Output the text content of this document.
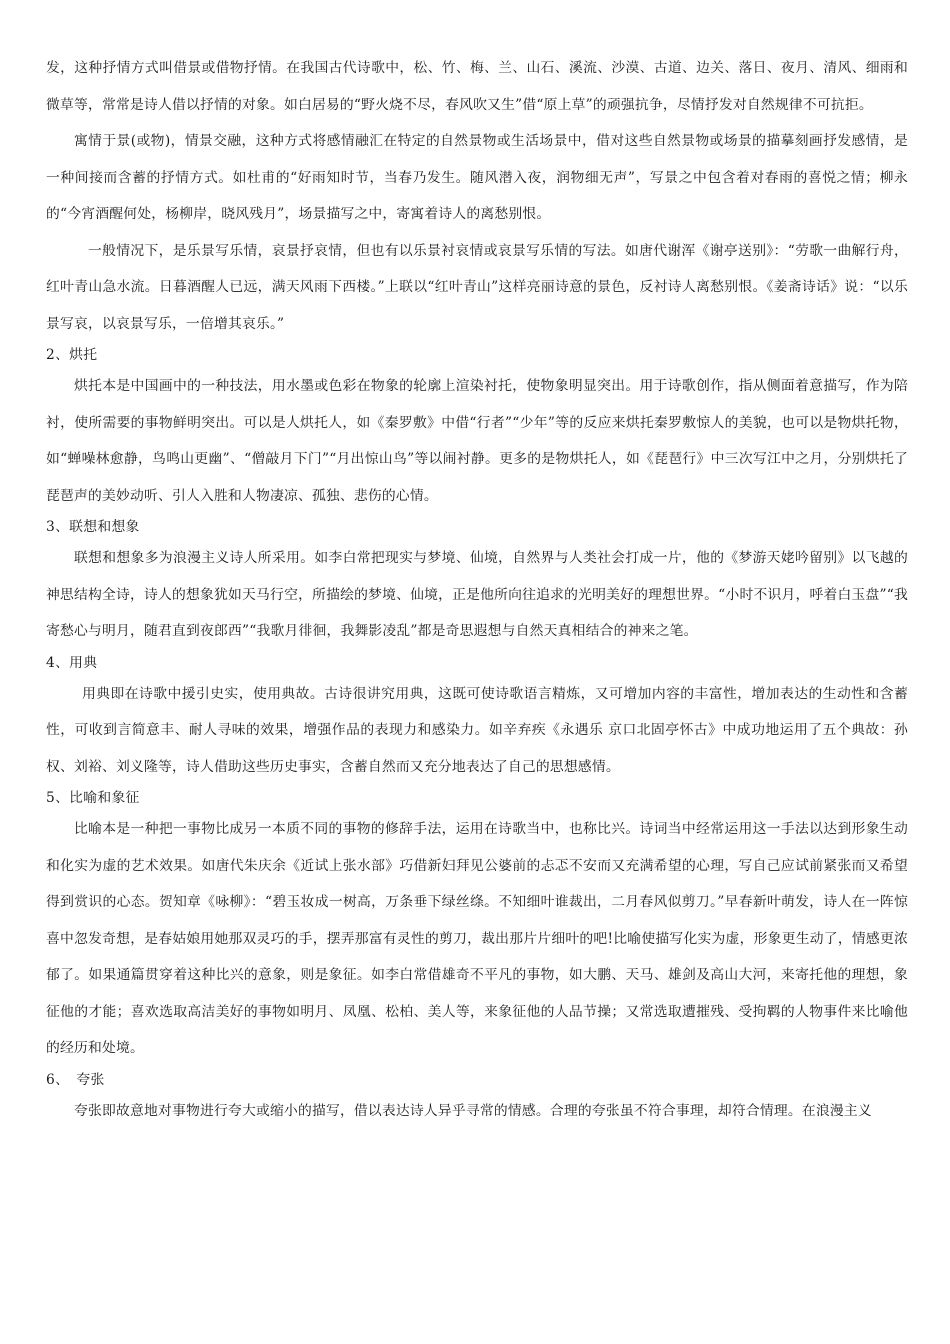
发，这种抒情方式叫借景或借物抒情。在我国古代诗歌中，松、竹、梅、兰、山石、溪流、沙漠、古道、边关、落日、夜月、清风、细雨和微草等，常常是诗人借以抒情的对象。如白居易的“野火烧不尽，春风吹又生”借“原上草”的顽强抗争，尽情抒发对自然规律不可抗拒。

寓情于景(或物)，情景交融，这种方式将感情融汇在特定的自然景物或生活场景中，借对这些自然景物或场景的描摹刻画抒发感情，是一种间接而含蓄的抒情方式。如杜甫的“好雨知时节，当春乃发生。随风潜入夜，润物细无声”，写景之中包含着对春雨的喜悦之情；柳永的“今宵酒醒何处，杨柳岸，晓风残月”，场景描写之中，寄寓着诗人的离愁别恨。

一般情况下，是乐景写乐情，哀景抒哀情，但也有以乐景衬哀情或哀景写乐情的写法。如唐代谢浑《谢亭送别》：“劳歌一曲解行舟，红叶青山急水流。日暮酒醒人已远，满天风雨下西楼。”上联以“红叶青山”这样亮丽诗意的景色，反衬诗人离愁别恨。《姜斋诗话》说：“以乐景写哀，以哀景写乐，一倍增其哀乐。”

2、烘托

烘托本是中国画中的一种技法，用水墨或色彩在物象的轮廓上渲染衬托，使物象明显突出。用于诗歌创作，指从侧面着意描写，作为陪衬，使所需要的事物鲜明突出。可以是人烘托人，如《秦罗敷》中借“行者”“少年”等的反应来烘托秦罗敷惊人的美貌，也可以是物烘托物，如“蝉噪林愈静，鸟鸣山更幽”、“僧敲月下门”“月出惊山鸟”等以闹衬静。更多的是物烘托人，如《琵琶行》中三次写江中之月，分别烘托了琵琶声的美妙动听、引人入胜和人物凄凉、孤独、悲伤的心情。

3、联想和想象

联想和想象多为浪漫主义诗人所采用。如李白常把现实与梦境、仙境，自然界与人类社会打成一片，他的《梦游天姥吟留别》以飞越的神思结构全诗，诗人的想象犹如天马行空，所描绘的梦境、仙境，正是他所向往追求的光明美好的理想世界。“小时不识月，呼着白玉盘”“我寄愁心与明月，随君直到夜郎西”“我歌月徘徊，我舞影凌乱”都是奇思遐想与自然天真相结合的神来之笔。

4、用典

用典即在诗歌中援引史实，使用典故。古诗很讲究用典，这既可使诗歌语言精炼，又可增加内容的丰富性，增加表达的生动性和含蓄性，可收到言简意丰、耐人寻味的效果，增强作品的表现力和感染力。如辛弃疾《永遇乐 京口北固亭怀古》中成功地运用了五个典故：孙权、刘裕、刘义隆等，诗人借助这些历史事实，含蓄自然而又充分地表达了自己的思想感情。

5、比喻和象征

比喻本是一种把一事物比成另一本质不同的事物的修辞手法，运用在诗歌当中，也称比兴。诗词当中经常运用这一手法以达到形象生动和化实为虚的艺术效果。如唐代朱庆余《近试上张水部》巧借新妇拜见公婆前的忐忑不安而又充满希望的心理，写自己应试前紧张而又希望得到赏识的心态。贺知章《咏柳》：“碧玉妆成一树高，万条垂下绿丝绦。不知细叶谁裁出，二月春风似剪刀。”早春新叶萌发，诗人在一阵惊喜中忽发奇想，是春姑娘用她那双灵巧的手，摆弄那富有灵性的剪刀，裁出那片片细叶的吧!比喻使描写化实为虚，形象更生动了，情感更浓郁了。如果通篇贯穿着这种比兴的意象，则是象征。如李白常借雄奇不平凡的事物，如大鹏、天马、雄剑及高山大河，来寄托他的理想，象征他的才能；喜欢选取高洁美好的事物如明月、凤凰、松柏、美人等，来象征他的人品节操；又常选取遭摧残、受拘羁的人物事件来比喻他的经历和处境。

6、　夸张

夸张即故意地对事物进行夸大或缩小的描写，借以表达诗人异乎寻常的情感。合理的夸张虽不符合事理，却符合情理。在浪漫主义
